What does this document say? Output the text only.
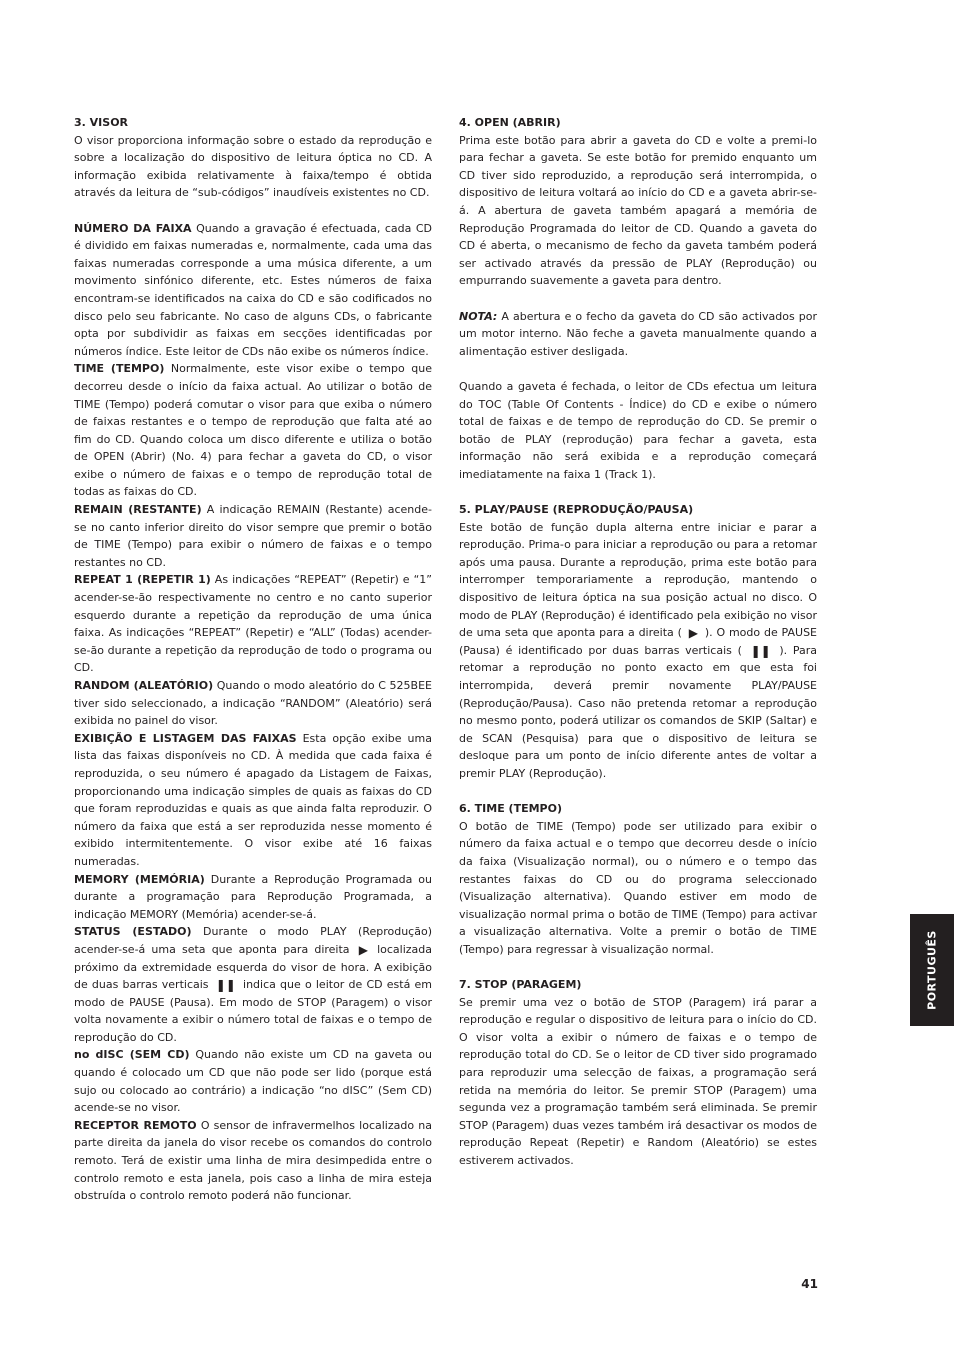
3. VISOR
O visor proporciona informação sobre o estado da reprodução e sobre a localização do dispositivo de leitura óptica no CD. A informação exibida relativamente à faixa/tempo é obtida através da leitura de “sub-códigos” inaudíveis existentes no CD.

NÚMERO DA FAIXA Quando a gravação é efectuada, cada CD é dividido em faixas numeradas e, normalmente, cada uma das faixas numeradas corresponde a uma música diferente, a um movimento sinfónico diferente, etc. Estes números de faixa encontram-se identificados na caixa do CD e são codificados no disco pelo seu fabricante. No caso de alguns CDs, o fabricante opta por subdividir as faixas em secções identificadas por números índice. Este leitor de CDs não exibe os números índice.

TIME (TEMPO) Normalmente, este visor exibe o tempo que decorreu desde o início da faixa actual. Ao utilizar o botão de TIME (Tempo) poderá comutar o visor para que exiba o número de faixas restantes e o tempo de reprodução que falta até ao fim do CD. Quando coloca um disco diferente e utiliza o botão de OPEN (Abrir) (No. 4) para fechar a gaveta do CD, o visor exibe o número de faixas e o tempo de reprodução total de todas as faixas do CD.

REMAIN (RESTANTE) A indicação REMAIN (Restante) acende-se no canto inferior direito do visor sempre que premir o botão de TIME (Tempo) para exibir o número de faixas e o tempo restantes no CD.

REPEAT 1 (REPETIR 1) As indicações “REPEAT” (Repetir) e “1” acender-se-ão respectivamente no centro e no canto superior esquerdo durante a repetição da reprodução de uma única faixa. As indicações “REPEAT” (Repetir) e “ALL” (Todas) acender-se-ão durante a repetição da reprodução de todo o programa ou CD.

RANDOM (ALEATÓRIO) Quando o modo aleatório do C 525BEE tiver sido seleccionado, a indicação “RANDOM” (Aleatório) será exibida no painel do visor.

EXIBIÇÃO E LISTAGEM DAS FAIXAS Esta opção exibe uma lista das faixas disponíveis no CD. À medida que cada faixa é reproduzida, o seu número é apagado da Listagem de Faixas, proporcionando uma indicação simples de quais as faixas do CD que foram reproduzidas e quais as que ainda falta reproduzir. O número da faixa que está a ser reproduzida nesse momento é exibido intermitentemente. O visor exibe até 16 faixas numeradas.

MEMORY (MEMÓRIA) Durante a Reprodução Programada ou durante a programação para Reprodução Programada, a indicação MEMORY (Memória) acender-se-á.

STATUS (ESTADO) Durante o modo PLAY (Reprodução) acender-se-á uma seta que aponta para direita ▶ localizada próximo da extremidade esquerda do visor de hora. A exibição de duas barras verticais ❚❚ indica que o leitor de CD está em modo de PAUSE (Pausa). Em modo de STOP (Paragem) o visor volta novamente a exibir o número total de faixas e o tempo de reprodução do CD.

no dISC (SEM CD) Quando não existe um CD na gaveta ou quando é colocado um CD que não pode ser lido (porque está sujo ou colocado ao contrário) a indicação “no dISC” (Sem CD) acende-se no visor.

RECEPTOR REMOTO O sensor de infravermelhos localizado na parte direita da janela do visor recebe os comandos do controlo remoto. Terá de existir uma linha de mira desimpedida entre o controlo remoto e esta janela, pois caso a linha de mira esteja obstruída o controlo remoto poderá não funcionar.

4. OPEN (ABRIR)
Prima este botão para abrir a gaveta do CD e volte a premi-lo para fechar a gaveta. Se este botão for premido enquanto um CD tiver sido reproduzido, a reprodução será interrompida, o dispositivo de leitura voltará ao início do CD e a gaveta abrir-se-á. A abertura de gaveta também apagará a memória de Reprodução Programada do leitor de CD. Quando a gaveta do CD é aberta, o mecanismo de fecho da gaveta também poderá ser activado através da pressão de PLAY (Reprodução) ou empurrando suavemente a gaveta para dentro.

NOTA: A abertura e o fecho da gaveta do CD são activados por um motor interno. Não feche a gaveta manualmente quando a alimentação estiver desligada.

Quando a gaveta é fechada, o leitor de CDs efectua um leitura do TOC (Table Of Contents - Índice) do CD e exibe o número total de faixas e de tempo de reprodução do CD. Se premir o botão de PLAY (reprodução) para fechar a gaveta, esta informação não será exibida e a reprodução começará imediatamente na faixa 1 (Track 1).

5. PLAY/PAUSE (REPRODUÇÃO/PAUSA)
Este botão de função dupla alterna entre iniciar e parar a reprodução. Prima-o para iniciar a reprodução ou para a retomar após uma pausa. Durante a reprodução, prima este botão para interromper temporariamente a reprodução, mantendo o dispositivo de leitura óptica na sua posição actual no disco. O modo de PLAY (Reprodução) é identificado pela exibição no visor de uma seta que aponta para a direita ( ▶ ). O modo de PAUSE (Pausa) é identificado por duas barras verticais ( ❚❚ ). Para retomar a reprodução no ponto exacto em que esta foi interrompida, deverá premir novamente PLAY/PAUSE (Reprodução/Pausa). Caso não pretenda retomar a reprodução no mesmo ponto, poderá utilizar os comandos de SKIP (Saltar) e de SCAN (Pesquisa) para que o dispositivo de leitura se desloque para um ponto de início diferente antes de voltar a premir PLAY (Reprodução).

6. TIME (TEMPO)
O botão de TIME (Tempo) pode ser utilizado para exibir o número da faixa actual e o tempo que decorreu desde o início da faixa (Visualização normal), ou o número e o tempo das restantes faixas do CD ou do programa seleccionado (Visualização alternativa). Quando estiver em modo de visualização normal prima o botão de TIME (Tempo) para activar a visualização alternativa. Volte a premir o botão de TIME (Tempo) para regressar à visualização normal.

7. STOP (PARAGEM)
Se premir uma vez o botão de STOP (Paragem) irá parar a reprodução e regular o dispositivo de leitura para o início do CD. O visor volta a exibir o número de faixas e o tempo de reprodução total do CD. Se o leitor de CD tiver sido programado para reproduzir uma selecção de faixas, a programação será retida na memória do leitor. Se premir STOP (Paragem) uma segunda vez a programação também será eliminada. Se premir STOP (Paragem) duas vezes também irá desactivar os modos de reprodução Repeat (Repetir) e Random (Aleatório) se estes estiverem activados.

PORTUGUÊS
41
